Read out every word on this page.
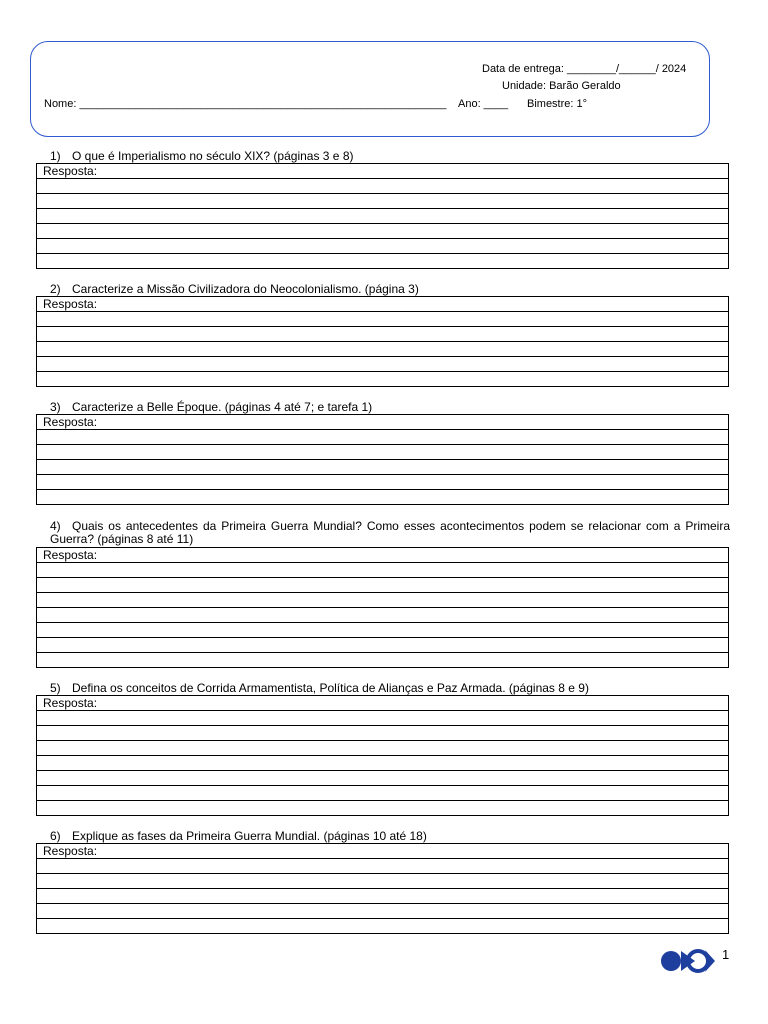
Data de entrega: ________/______/ 2024
Unidade: Barão Geraldo
Nome: ____________________________________________________________ Ano: ____ Bimestre: 1°
1) O que é Imperialismo no século XIX? (páginas 3 e 8)
Resposta:

2) Caracterize a Missão Civilizadora do Neocolonialismo. (página 3)
Resposta:

3) Caracterize a Belle Époque. (páginas 4 até 7; e tarefa 1)
Resposta:

4) Quais os antecedentes da Primeira Guerra Mundial? Como esses acontecimentos podem se relacionar com a Primeira Guerra? (páginas 8 até 11)
Resposta:

5) Defina os conceitos de Corrida Armamentista, Política de Alianças e Paz Armada. (páginas 8 e 9)
Resposta:

6) Explique as fases da Primeira Guerra Mundial. (páginas 10 até 18)
Resposta:

1
